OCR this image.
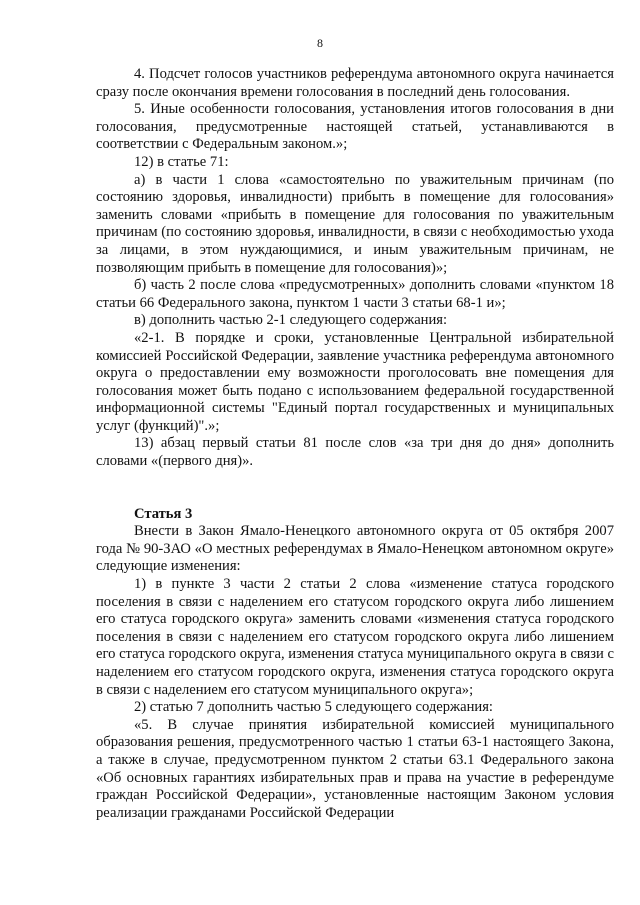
8

4. Подсчет голосов участников референдума автономного округа начинается сразу после окончания времени голосования в последний день голосования.

5. Иные особенности голосования, установления итогов голосования в дни голосования, предусмотренные настоящей статьей, устанавливаются в соответствии с Федеральным законом.»;

12) в статье 71:

а) в части 1 слова «самостоятельно по уважительным причинам (по состоянию здоровья, инвалидности) прибыть в помещение для голосования» заменить словами «прибыть в помещение для голосования по уважительным причинам (по состоянию здоровья, инвалидности, в связи с необходимостью ухода за лицами, в этом нуждающимися, и иным уважительным причинам, не позволяющим прибыть в помещение для голосования)»;

б) часть 2 после слова «предусмотренных» дополнить словами «пунктом 18 статьи 66 Федерального закона, пунктом 1 части 3 статьи 68-1 и»;

в) дополнить частью 2-1 следующего содержания:

«2-1. В порядке и сроки, установленные Центральной избирательной комиссией Российской Федерации, заявление участника референдума автономного округа о предоставлении ему возможности проголосовать вне помещения для голосования может быть подано с использованием федеральной государственной информационной системы "Единый портал государственных и муниципальных услуг (функций)".»;

13) абзац первый статьи 81 после слов «за три дня до дня» дополнить словами «(первого дня)».

Статья 3

Внести в Закон Ямало-Ненецкого автономного округа от 05 октября 2007 года № 90-ЗАО «О местных референдумах в Ямало-Ненецком автономном округе» следующие изменения:

1) в пункте 3 части 2 статьи 2 слова «изменение статуса городского поселения в связи с наделением его статусом городского округа либо лишением его статуса городского округа» заменить словами «изменения статуса городского поселения в связи с наделением его статусом городского округа либо лишением его статуса городского округа, изменения статуса муниципального округа в связи с наделением его статусом городского округа, изменения статуса городского округа в связи с наделением его статусом муниципального округа»;

2) статью 7 дополнить частью 5 следующего содержания:

«5. В случае принятия избирательной комиссией муниципального образования решения, предусмотренного частью 1 статьи 63-1 настоящего Закона, а также в случае, предусмотренном пунктом 2 статьи 63.1 Федерального закона «Об основных гарантиях избирательных прав и права на участие в референдуме граждан Российской Федерации», установленные настоящим Законом условия реализации гражданами Российской Федерации
